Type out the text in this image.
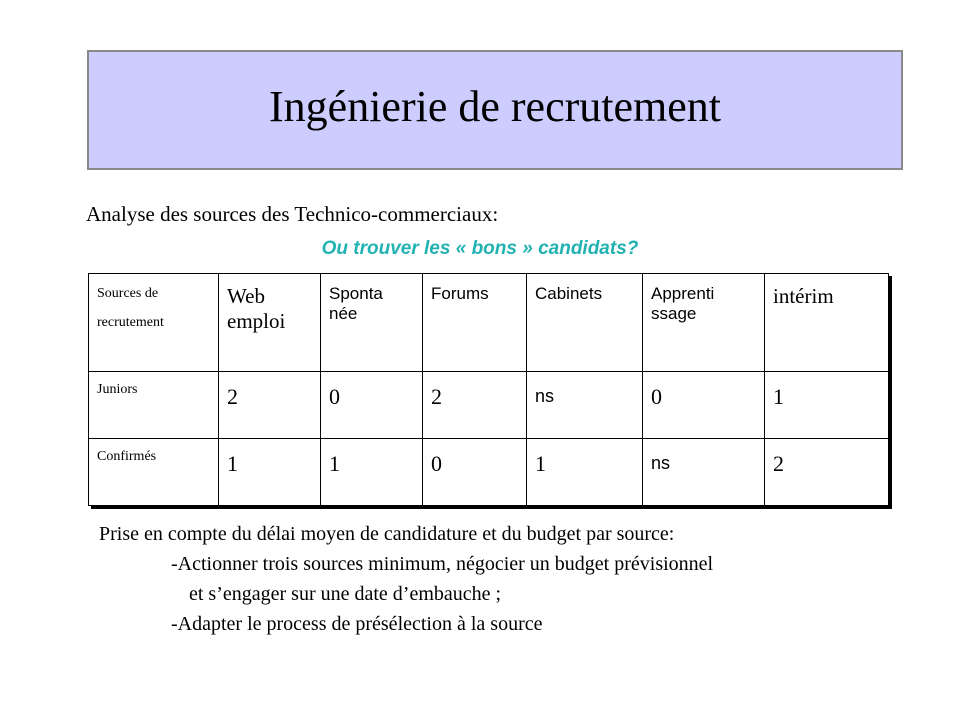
Ingénierie de recrutement
Analyse des sources des Technico-commerciaux:
Ou trouver les « bons » candidats?
Sources de recrutement	Web emploi	Sponta née	Forums	Cabinets	Apprenti ssage	intérim
Juniors	2	0	2	ns	0	1
Confirmés	1	1	0	1	ns	2
Prise en compte du délai moyen de candidature et du budget par source:
-Actionner trois sources minimum, négocier un budget prévisionnel
et s’engager sur une date d’embauche ;
-Adapter le process de présélection à la source
